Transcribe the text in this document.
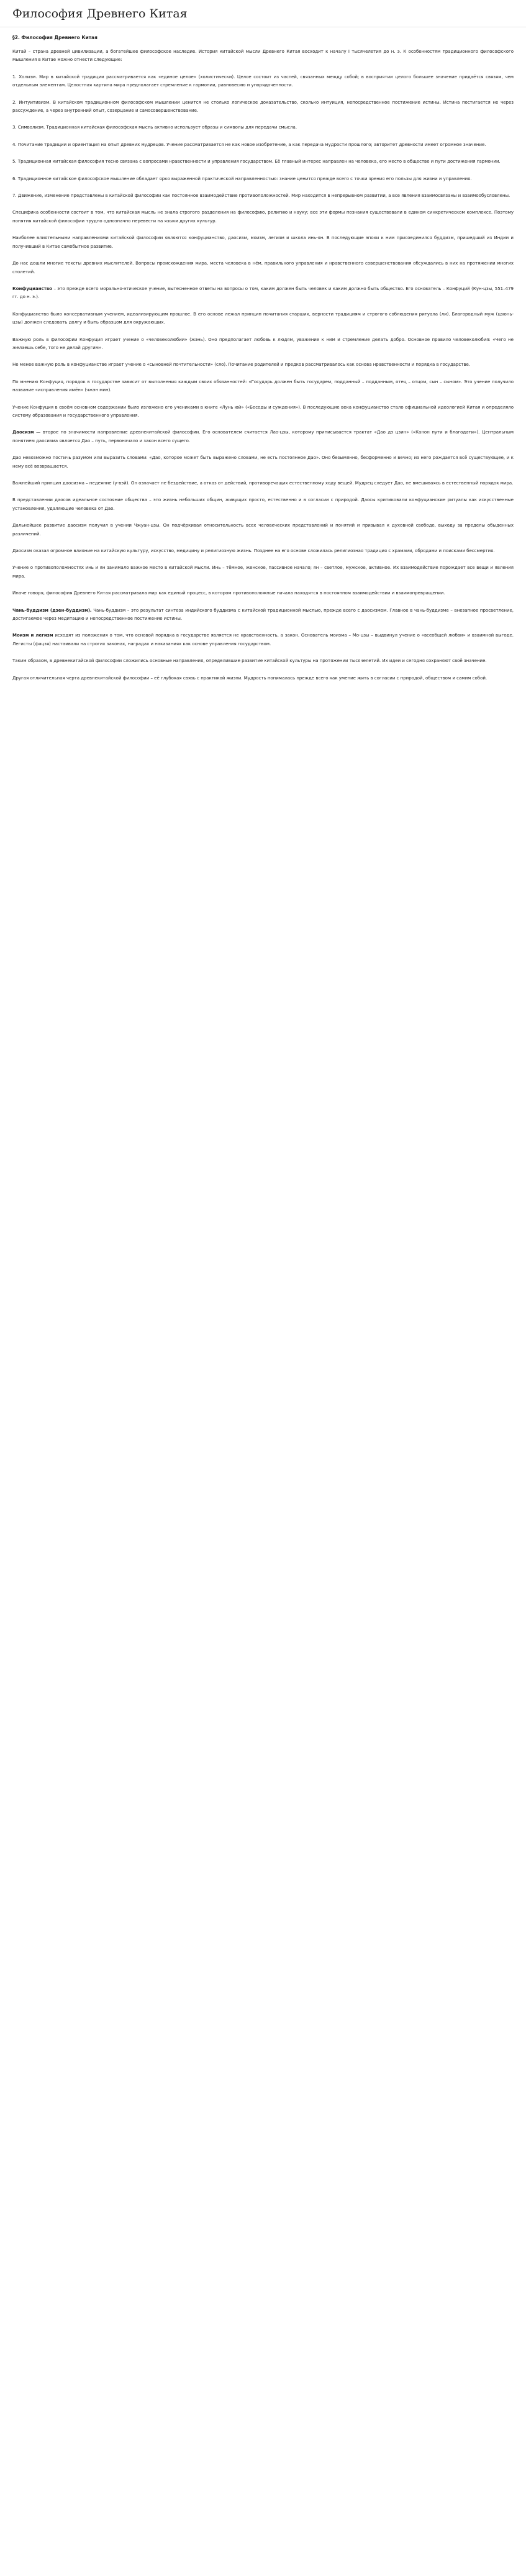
Философия Древнего Китая
§2. Философия Древнего Китая

Китай – страна древней цивилизации, а богатейшее философское наследие. История китайской мысли Древнего Китая восходит к началу I тысячелетия до н. э. К особенностям традиционного философского мышления в Китае можно отнести следующие:

1. Холизм. Мир в китайской традиции рассматривается как «единое целое» (холистически). Целое состоит из частей, связанных между собой; в восприятии целого большее значение придаётся связям, чем отдельным элементам. Целостная картина мира предполагает стремление к гармонии, равновесию и упорядоченности.

2. Интуитивизм. В китайском традиционном философском мышлении ценится не столько логическое доказательство, сколько интуиция, непосредственное постижение истины. Истина постигается не через рассуждение, а через внутренний опыт, созерцание и самосовершенствование.

3. Символизм. Традиционная китайская философская мысль активно использует образы и символы для передачи смысла.

4. Почитание традиции и ориентация на опыт древних мудрецов. Учение рассматривается не как новое изобретение, а как передача мудрости прошлого; авторитет древности имеет огромное значение.

5. Традиционная китайская философия тесно связана с вопросами нравственности и управления государством. Её главный интерес направлен на человека, его место в обществе и пути достижения гармонии.

6. Традиционное китайское философское мышление обладает ярко выраженной практической направленностью: знание ценится прежде всего с точки зрения его пользы для жизни и управления.

7. Движение, изменение представлены в китайской философии как постоянное взаимодействие противоположностей. Мир находится в непрерывном развитии, а все явления взаимосвязаны и взаимообусловлены.

Специфика особенности состоит в том, что китайская мысль не знала строгого разделения на философию, религию и науку; все эти формы познания существовали в едином синкретическом комплексе. Поэтому понятия китайской философии трудно однозначно перевести на языки других культур.

Наиболее влиятельными направлениями китайской философии являются конфуцианство, даосизм, моизм, легизм и школа инь-ян. В последующие эпохи к ним присоединился буддизм, пришедший из Индии и получивший в Китае самобытное развитие.

До нас дошли многие тексты древних мыслителей. Вопросы происхождения мира, места человека в нём, правильного управления и нравственного совершенствования обсуждались в них на протяжении многих столетий.

Конфуцианство – это прежде всего морально-этическое учение, вытесненное ответы на вопросы о том, каким должен быть человек и каким должно быть общество. Его основатель – Конфуций (Кун-цзы, 551–479 гг. до н. э.).

Конфуцианство было консервативным учением, идеализирующим прошлое. В его основе лежал принцип почитания старших, верности традициям и строгого соблюдения ритуала (ли). Благородный муж (цзюнь-цзы) должен следовать долгу и быть образцом для окружающих.

Важную роль в философии Конфуция играет учение о «человеколюбии» (жэнь). Оно предполагает любовь к людям, уважение к ним и стремление делать добро. Основное правило человеколюбия: «Чего не желаешь себе, того не делай другим».

Не менее важную роль в конфуцианстве играет учение о «сыновней почтительности» (сяо). Почитание родителей и предков рассматривалось как основа нравственности и порядка в государстве.

По мнению Конфуция, порядок в государстве зависит от выполнения каждым своих обязанностей: «Государь должен быть государем, подданный – подданным, отец – отцом, сын – сыном». Это учение получило название «исправления имён» (чжэн мин).

Учение Конфуция в своём основном содержании было изложено его учениками в книге «Лунь юй» («Беседы и суждения»). В последующие века конфуцианство стало официальной идеологией Китая и определяло систему образования и государственного управления.

Даосизм — второе по значимости направление древнекитайской философии. Его основателем считается Лао-цзы, которому приписывается трактат «Дао дэ цзин» («Канон пути и благодати»). Центральным понятием даосизма является Дао – путь, первоначало и закон всего сущего.

Дао невозможно постичь разумом или выразить словами: «Дао, которое может быть выражено словами, не есть постоянное Дао». Оно безымянно, бесформенно и вечно; из него рождается всё существующее, и к нему всё возвращается.

Важнейший принцип даосизма – недеяние (у-вэй). Он означает не бездействие, а отказ от действий, противоречащих естественному ходу вещей. Мудрец следует Дао, не вмешиваясь в естественный порядок мира.

В представлении даосов идеальное состояние общества – это жизнь небольших общин, живущих просто, естественно и в согласии с природой. Даосы критиковали конфуцианские ритуалы как искусственные установления, удаляющие человека от Дао.

Дальнейшее развитие даосизм получил в учении Чжуан-цзы. Он подчёркивал относительность всех человеческих представлений и понятий и призывал к духовной свободе, выходу за пределы обыденных различений.

Даосизм оказал огромное влияние на китайскую культуру, искусство, медицину и религиозную жизнь. Позднее на его основе сложилась религиозная традиция с храмами, обрядами и поисками бессмертия.

Учение о противоположностях инь и ян занимало важное место в китайской мысли. Инь – тёмное, женское, пассивное начало; ян – светлое, мужское, активное. Их взаимодействие порождает все вещи и явления мира.

Иначе говоря, философия Древнего Китая рассматривала мир как единый процесс, в котором противоположные начала находятся в постоянном взаимодействии и взаимопревращении.

Чань-буддизм (дзен-буддизм). Чань-буддизм – это результат синтеза индийского буддизма с китайской традиционной мыслью, прежде всего с даосизмом. Главное в чань-буддизме – внезапное просветление, достигаемое через медитацию и непосредственное постижение истины.

Моизм и легизм исходят из положения о том, что основой порядка в государстве является не нравственность, а закон. Основатель моизма – Мо-цзы – выдвинул учение о «всеобщей любви» и взаимной выгоде. Легисты (фацзя) настаивали на строгих законах, наградах и наказаниях как основе управления государством.

Таким образом, в древнекитайской философии сложились основные направления, определившие развитие китайской культуры на протяжении тысячелетий. Их идеи и сегодня сохраняют своё значение.

Другая отличительная черта древнекитайской философии – её глубокая связь с практикой жизни. Мудрость понималась прежде всего как умение жить в согласии с природой, обществом и самим собой.
